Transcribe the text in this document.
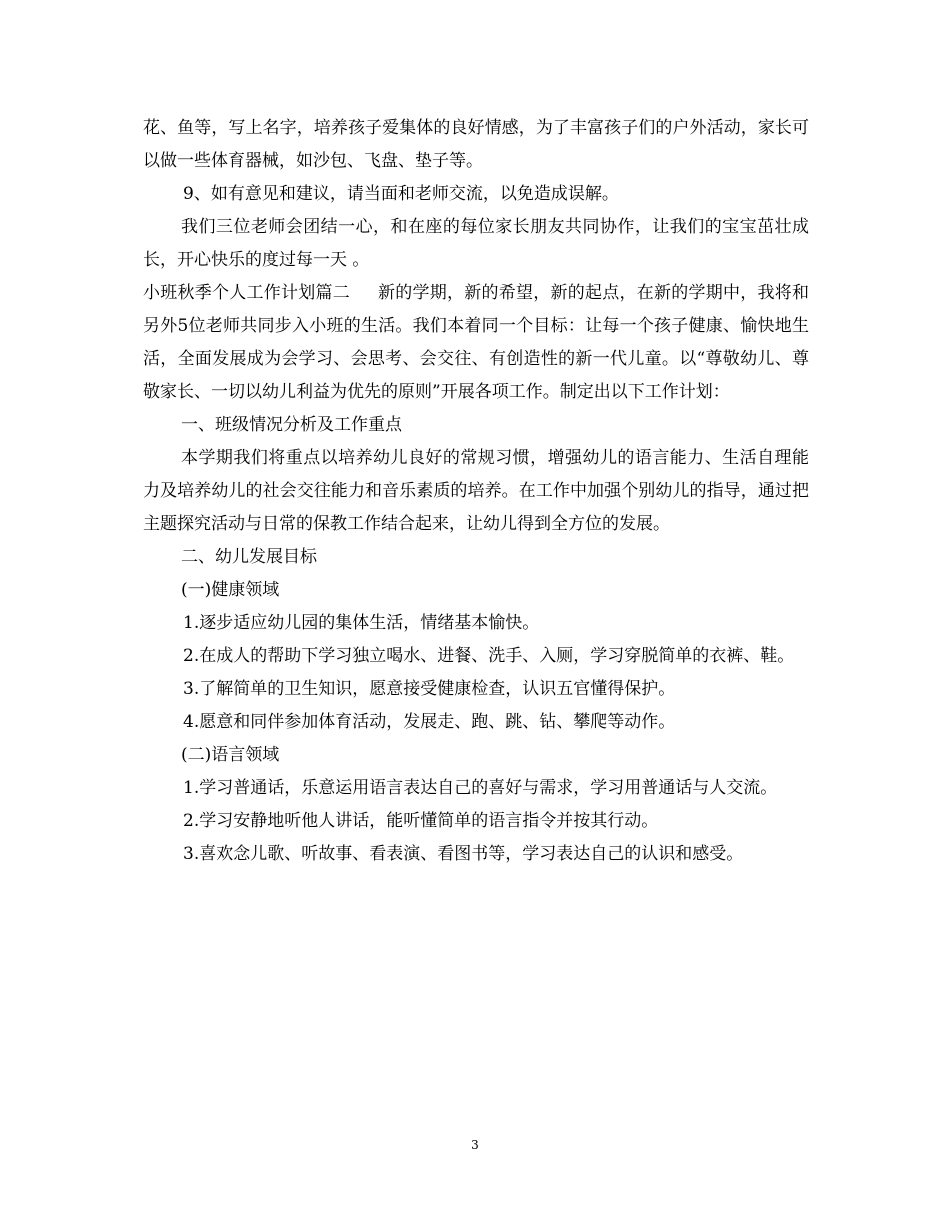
花、鱼等，写上名字，培养孩子爱集体的良好情感，为了丰富孩子们的户外活动，家长可以做一些体育器械，如沙包、飞盘、垫子等。

9、如有意见和建议，请当面和老师交流，以免造成误解。

我们三位老师会团结一心，和在座的每位家长朋友共同协作，让我们的宝宝茁壮成长，开心快乐的度过每一天 。

小班秋季个人工作计划篇二 新的学期，新的希望，新的起点，在新的学期中，我将和另外5位老师共同步入小班的生活。我们本着同一个目标：让每一个孩子健康、愉快地生活，全面发展成为会学习、会思考、会交往、有创造性的新一代儿童。以“尊敬幼儿、尊敬家长、一切以幼儿利益为优先的原则”开展各项工作。制定出以下工作计划：

一、班级情况分析及工作重点

本学期我们将重点以培养幼儿良好的常规习惯，增强幼儿的语言能力、生活自理能力及培养幼儿的社会交往能力和音乐素质的培养。在工作中加强个别幼儿的指导，通过把主题探究活动与日常的保教工作结合起来，让幼儿得到全方位的发展。

二、幼儿发展目标

(一)健康领域

1.逐步适应幼儿园的集体生活，情绪基本愉快。

2.在成人的帮助下学习独立喝水、进餐、洗手、入厕，学习穿脱简单的衣裤、鞋。

3.了解简单的卫生知识，愿意接受健康检查，认识五官懂得保护。

4.愿意和同伴参加体育活动，发展走、跑、跳、钻、攀爬等动作。

(二)语言领域

1.学习普通话，乐意运用语言表达自己的喜好与需求，学习用普通话与人交流。

2.学习安静地听他人讲话，能听懂简单的语言指令并按其行动。

3.喜欢念儿歌、听故事、看表演、看图书等，学习表达自己的认识和感受。

3
